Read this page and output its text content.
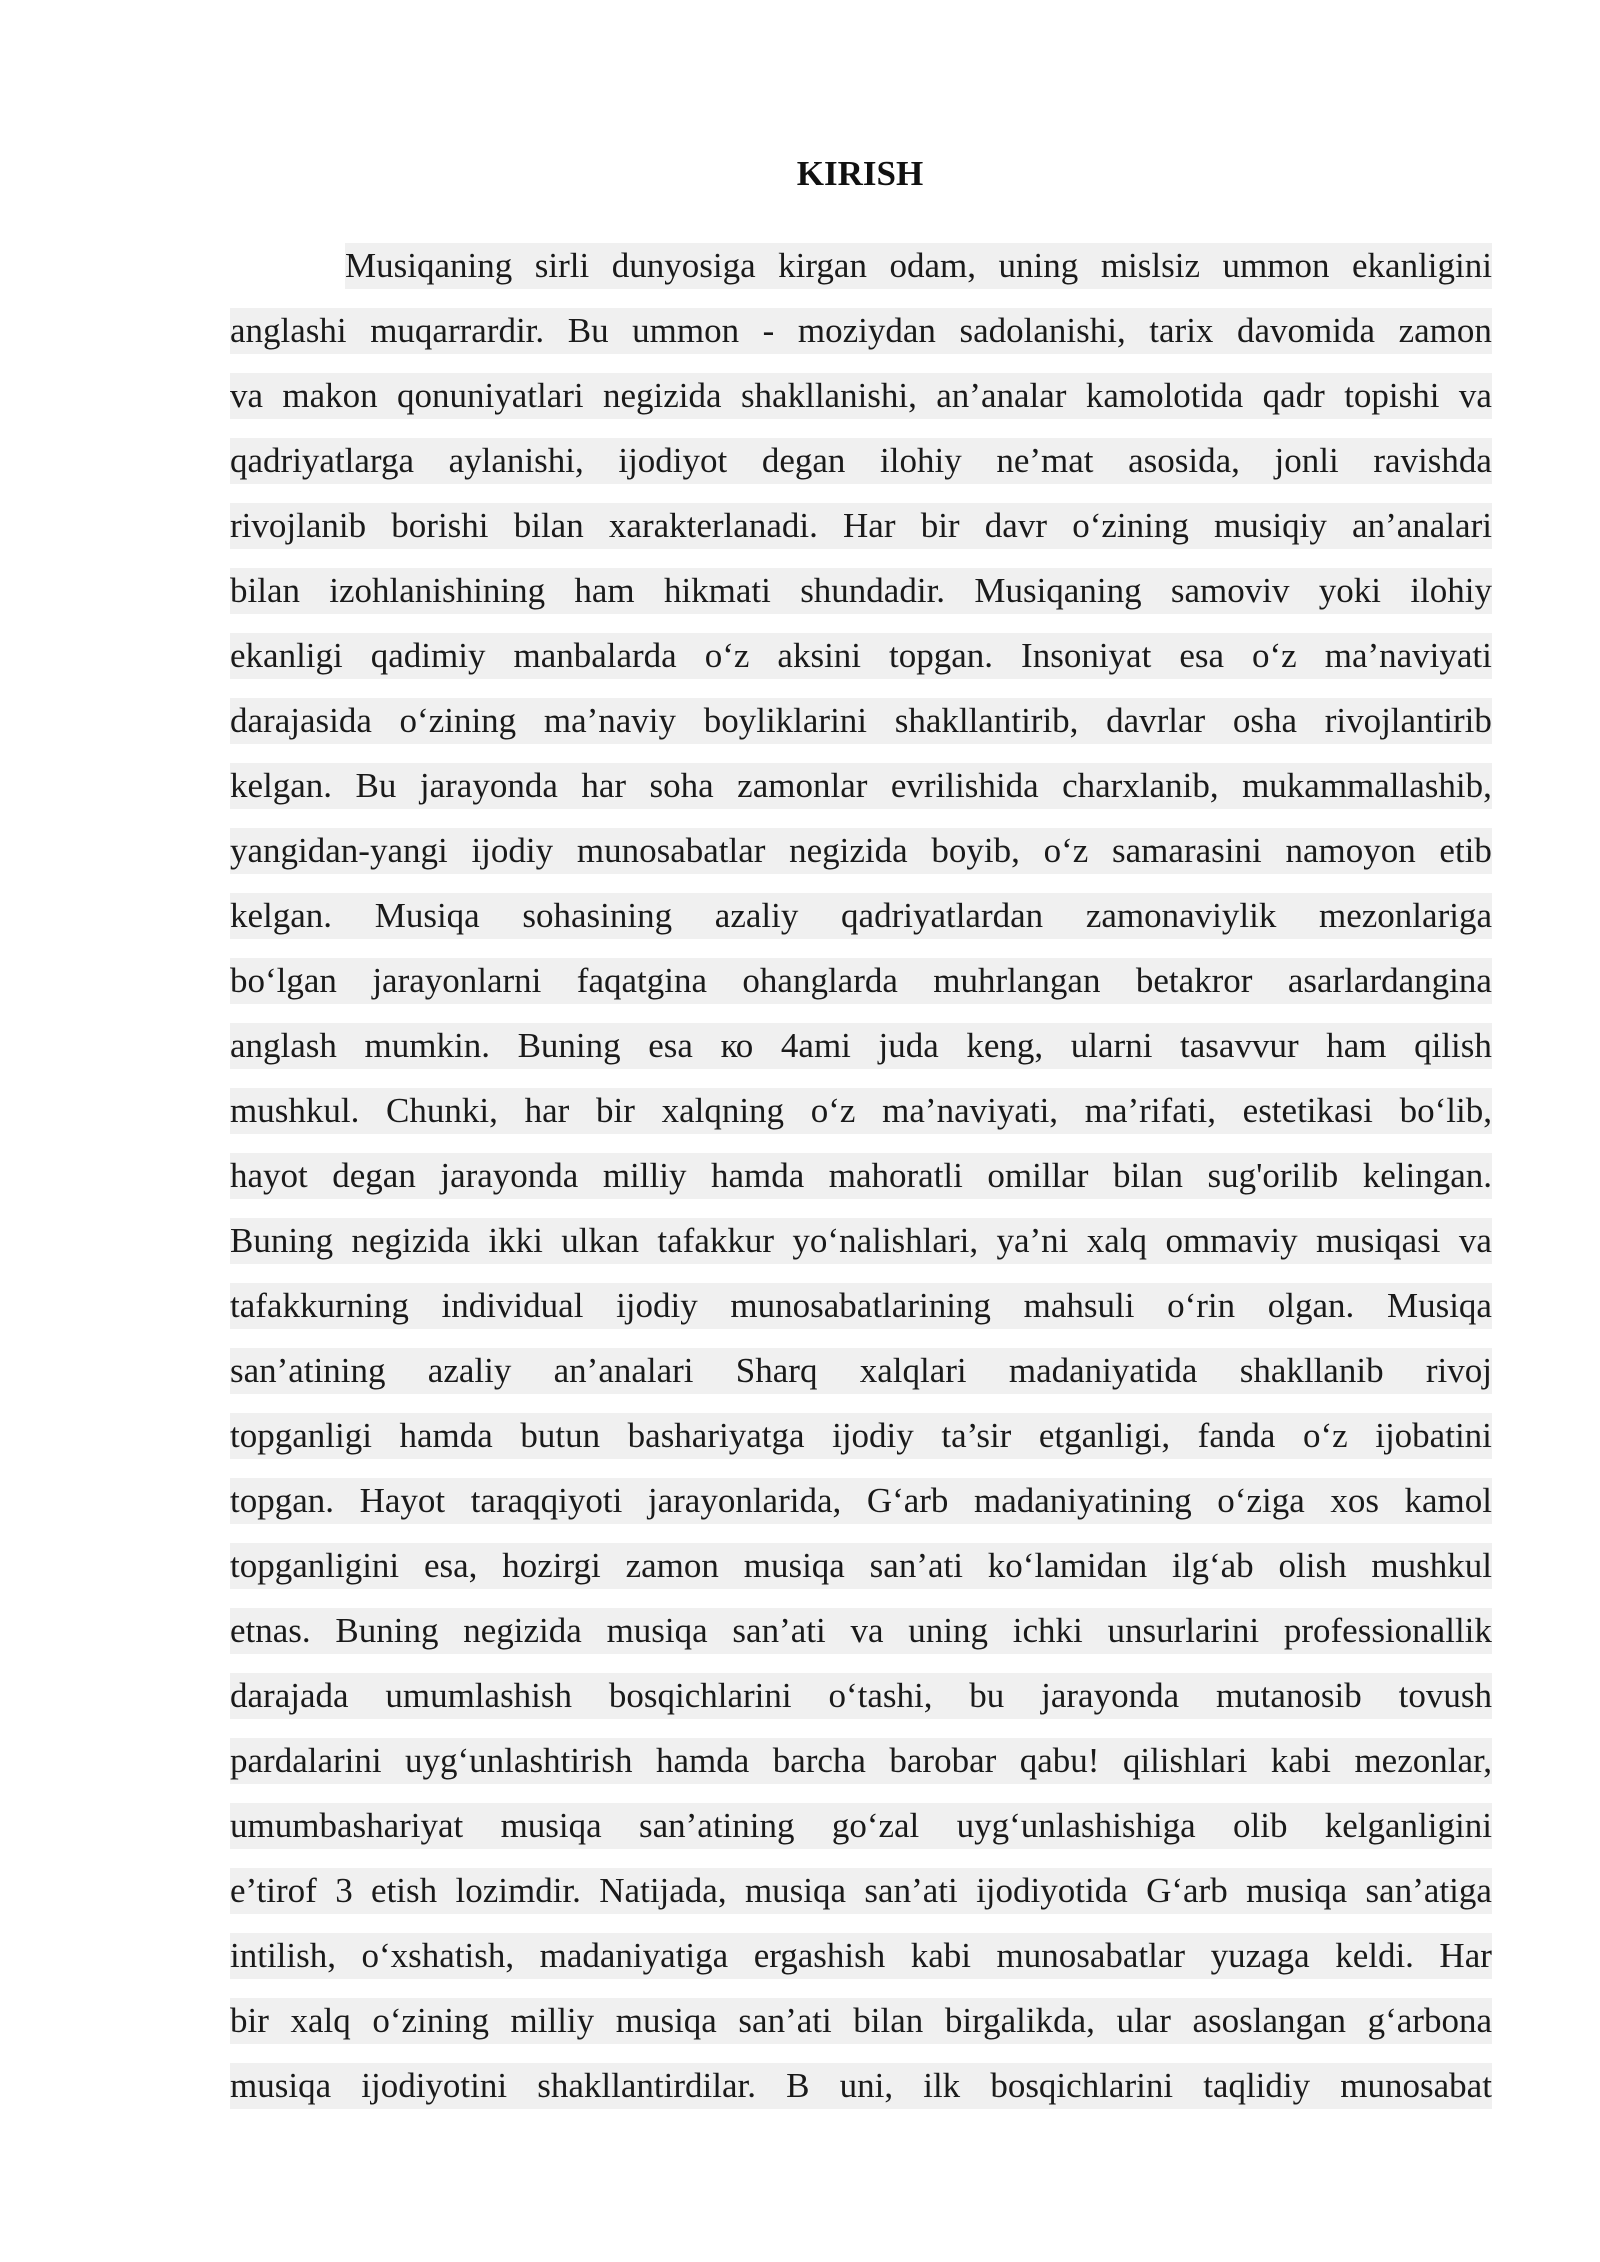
KIRISH
Musiqaning sirli dunyosiga kirgan odam, uning mislsiz ummon ekanligini
anglashi muqarrardir. Bu ummon - moziydan sadolanishi, tarix davomida zamon
va makon qonuniyatlari negizida shakllanishi, an’analar kamolotida qadr topishi va
qadriyatlarga aylanishi, ijodiyot degan ilohiy ne’mat asosida, jonli ravishda
rivojlanib borishi bilan xarakterlanadi. Har bir davr o‘zining musiqiy an’analari
bilan izohlanishining ham hikmati shundadir. Musiqaning samoviv yoki ilohiy
ekanligi qadimiy manbalarda o‘z aksini topgan. Insoniyat esa o‘z ma’naviyati
darajasida o‘zining ma’naviy boyliklarini shakllantirib, davrlar osha rivojlantirib
kelgan. Bu jarayonda har soha zamonlar evrilishida charxlanib, mukammallashib,
yangidan-yangi ijodiy munosabatlar negizida boyib, o‘z samarasini namoyon etib
kelgan. Musiqa sohasining azaliy qadriyatlardan zamonaviylik mezonlariga
bo‘lgan jarayonlarni faqatgina ohanglarda muhrlangan betakror asarlardangina
anglash mumkin. Buning esa ко 4ami juda keng, ularni tasavvur ham qilish
mushkul. Chunki, har bir xalqning o‘z ma’naviyati, ma’rifati, estetikasi bo‘lib,
hayot degan jarayonda milliy hamda mahoratli omillar bilan sug'orilib kelingan.
Buning negizida ikki ulkan tafakkur yo‘nalishlari, ya’ni xalq ommaviy musiqasi va
tafakkurning individual ijodiy munosabatlarining mahsuli o‘rin olgan. Musiqa
san’atining azaliy an’analari Sharq xalqlari madaniyatida shakllanib rivoj
topganligi hamda butun bashariyatga ijodiy ta’sir etganligi, fanda o‘z ijobatini
topgan. Hayot taraqqiyoti jarayonlarida, G‘arb madaniyatining o‘ziga xos kamol
topganligini esa, hozirgi zamon musiqa san’ati ko‘lamidan ilg‘ab olish mushkul
etnas. Buning negizida musiqa san’ati va uning ichki unsurlarini professionallik
darajada umumlashish bosqichlarini o‘tashi, bu jarayonda mutanosib tovush
pardalarini uyg‘unlashtirish hamda barcha barobar qabu! qilishlari kabi mezonlar,
umumbashariyat musiqa san’atining go‘zal uyg‘unlashishiga olib kelganligini
e’tirof 3 etish lozimdir. Natijada, musiqa san’ati ijodiyotida G‘arb musiqa san’atiga
intilish, o‘xshatish, madaniyatiga ergashish kabi munosabatlar yuzaga keldi. Har
bir xalq o‘zining milliy musiqa san’ati bilan birgalikda, ular asoslangan g‘arbona
musiqa ijodiyotini shakllantirdilar. B uni, ilk bosqichlarini taqlidiy munosabat
